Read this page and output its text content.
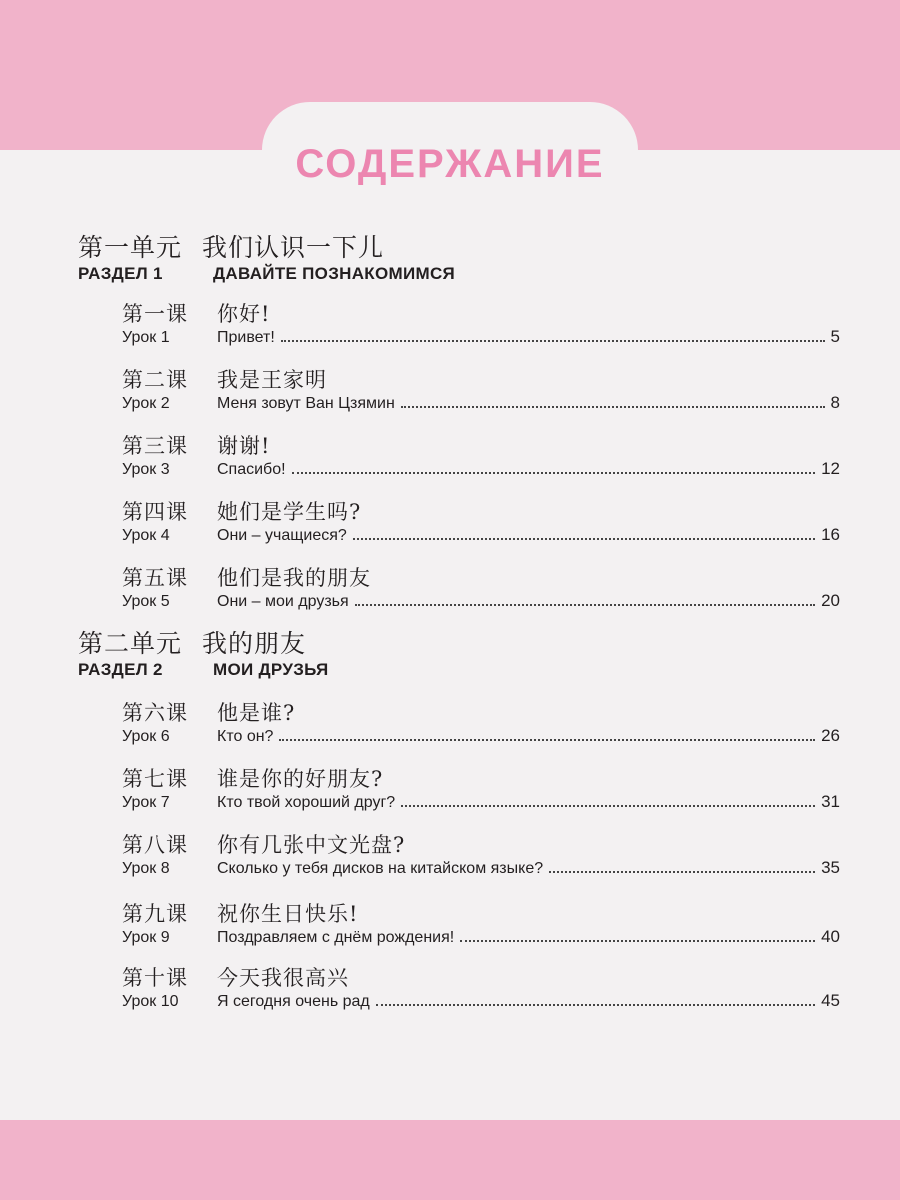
СОДЕРЖАНИЕ
第一单元 我们认识一下儿
РАЗДЕЛ 1	ДАВАЙТЕ ПОЗНАКОМИМСЯ
第一课 你好!
Урок 1	Привет!	5
第二课 我是王家明
Урок 2	Меня зовут Ван Цзямин	8
第三课 谢谢!
Урок 3	Спасибо!	12
第四课 她们是学生吗?
Урок 4	Они – учащиеся?	16
第五课 他们是我的朋友
Урок 5	Они – мои друзья	20
第二单元 我的朋友
РАЗДЕЛ 2	МОИ ДРУЗЬЯ
第六课 他是谁?
Урок 6	Кто он?	26
第七课 谁是你的好朋友?
Урок 7	Кто твой хороший друг?	31
第八课 你有几张中文光盘?
Урок 8	Сколько у тебя дисков на китайском языке?	35
第九课 祝你生日快乐!
Урок 9	Поздравляем с днём рождения!	40
第十课 今天我很高兴
Урок 10	Я сегодня очень рад	45
